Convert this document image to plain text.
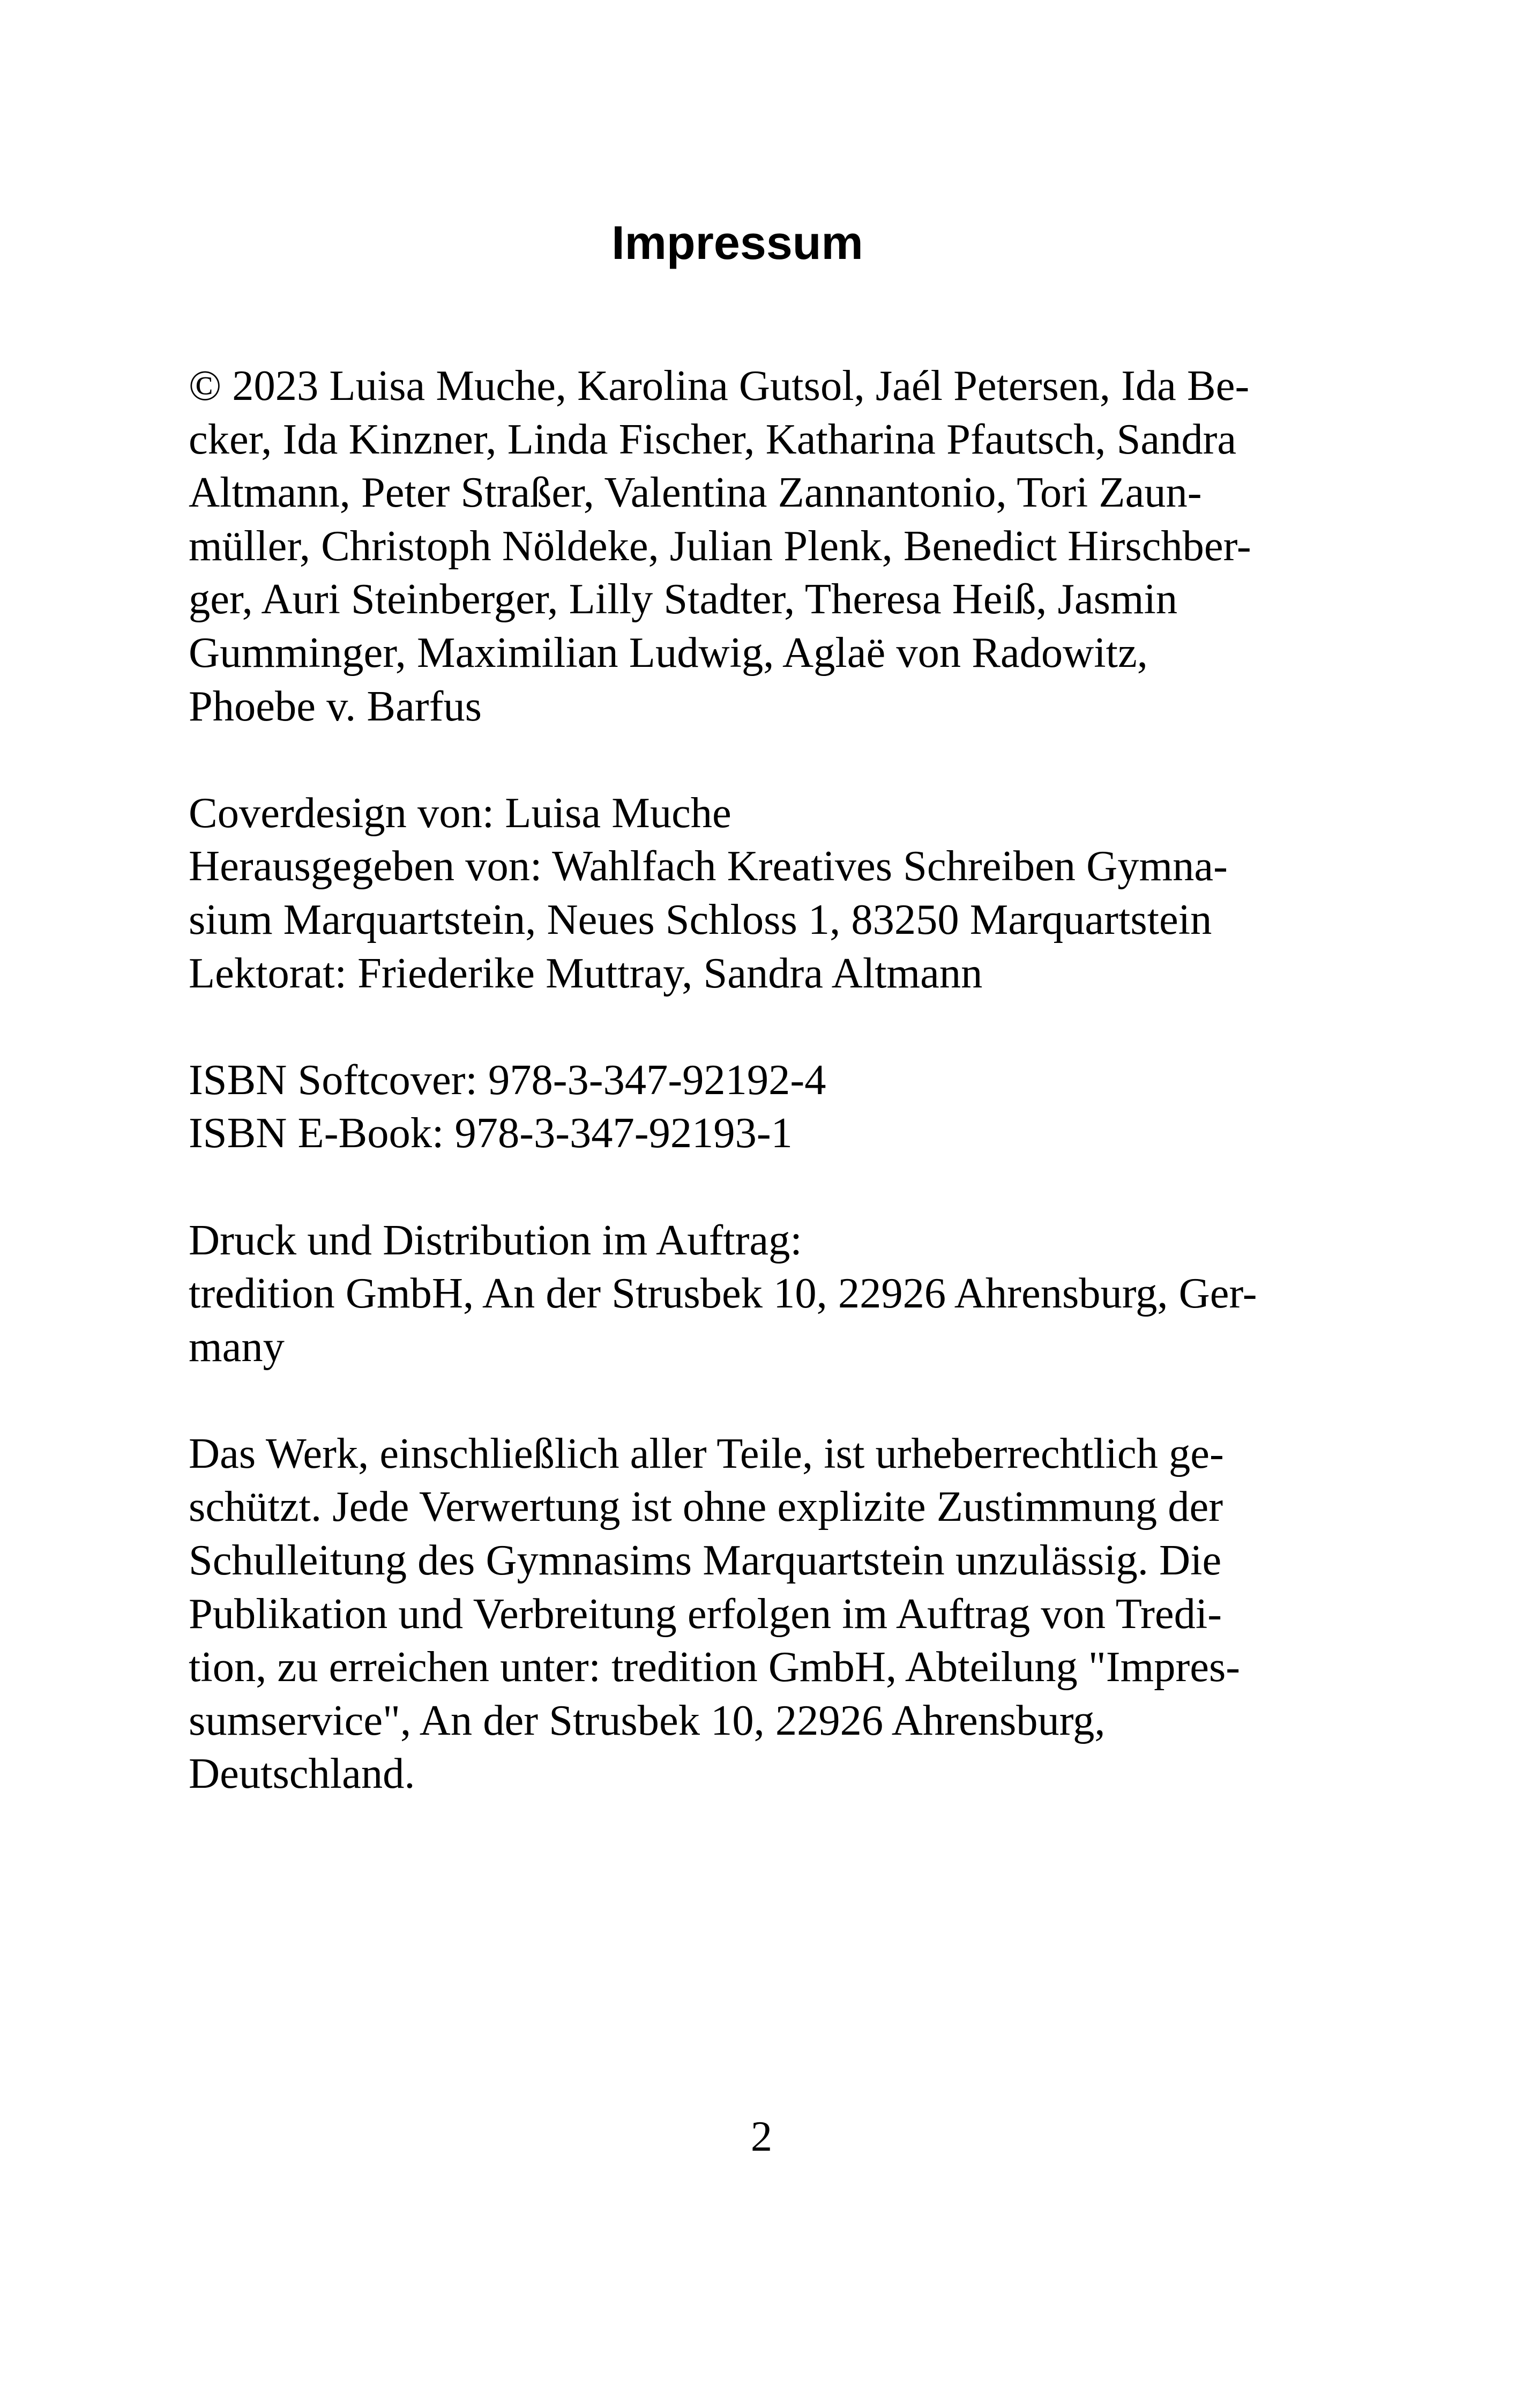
Impressum

© 2023 Luisa Muche, Karolina Gutsol, Jaél Petersen, Ida Be-
cker, Ida Kinzner, Linda Fischer, Katharina Pfautsch, Sandra
Altmann, Peter Straßer, Valentina Zannantonio, Tori Zaun-
müller, Christoph Nöldeke, Julian Plenk, Benedict Hirschber-
ger, Auri Steinberger, Lilly Stadter, Theresa Heiß, Jasmin
Gumminger, Maximilian Ludwig, Aglaë von Radowitz,
Phoebe v. Barfus

Coverdesign von: Luisa Muche
Herausgegeben von: Wahlfach Kreatives Schreiben Gymna-
sium Marquartstein, Neues Schloss 1, 83250 Marquartstein
Lektorat: Friederike Muttray, Sandra Altmann

ISBN Softcover: 978-3-347-92192-4
ISBN E-Book: 978-3-347-92193-1

Druck und Distribution im Auftrag:
tredition GmbH, An der Strusbek 10, 22926 Ahrensburg, Ger-
many

Das Werk, einschließlich aller Teile, ist urheberrechtlich ge-
schützt. Jede Verwertung ist ohne explizite Zustimmung der
Schulleitung des Gymnasims Marquartstein unzulässig. Die
Publikation und Verbreitung erfolgen im Auftrag von Tredi-
tion, zu erreichen unter: tredition GmbH, Abteilung "Impres-
sumservice", An der Strusbek 10, 22926 Ahrensburg,
Deutschland.

2
